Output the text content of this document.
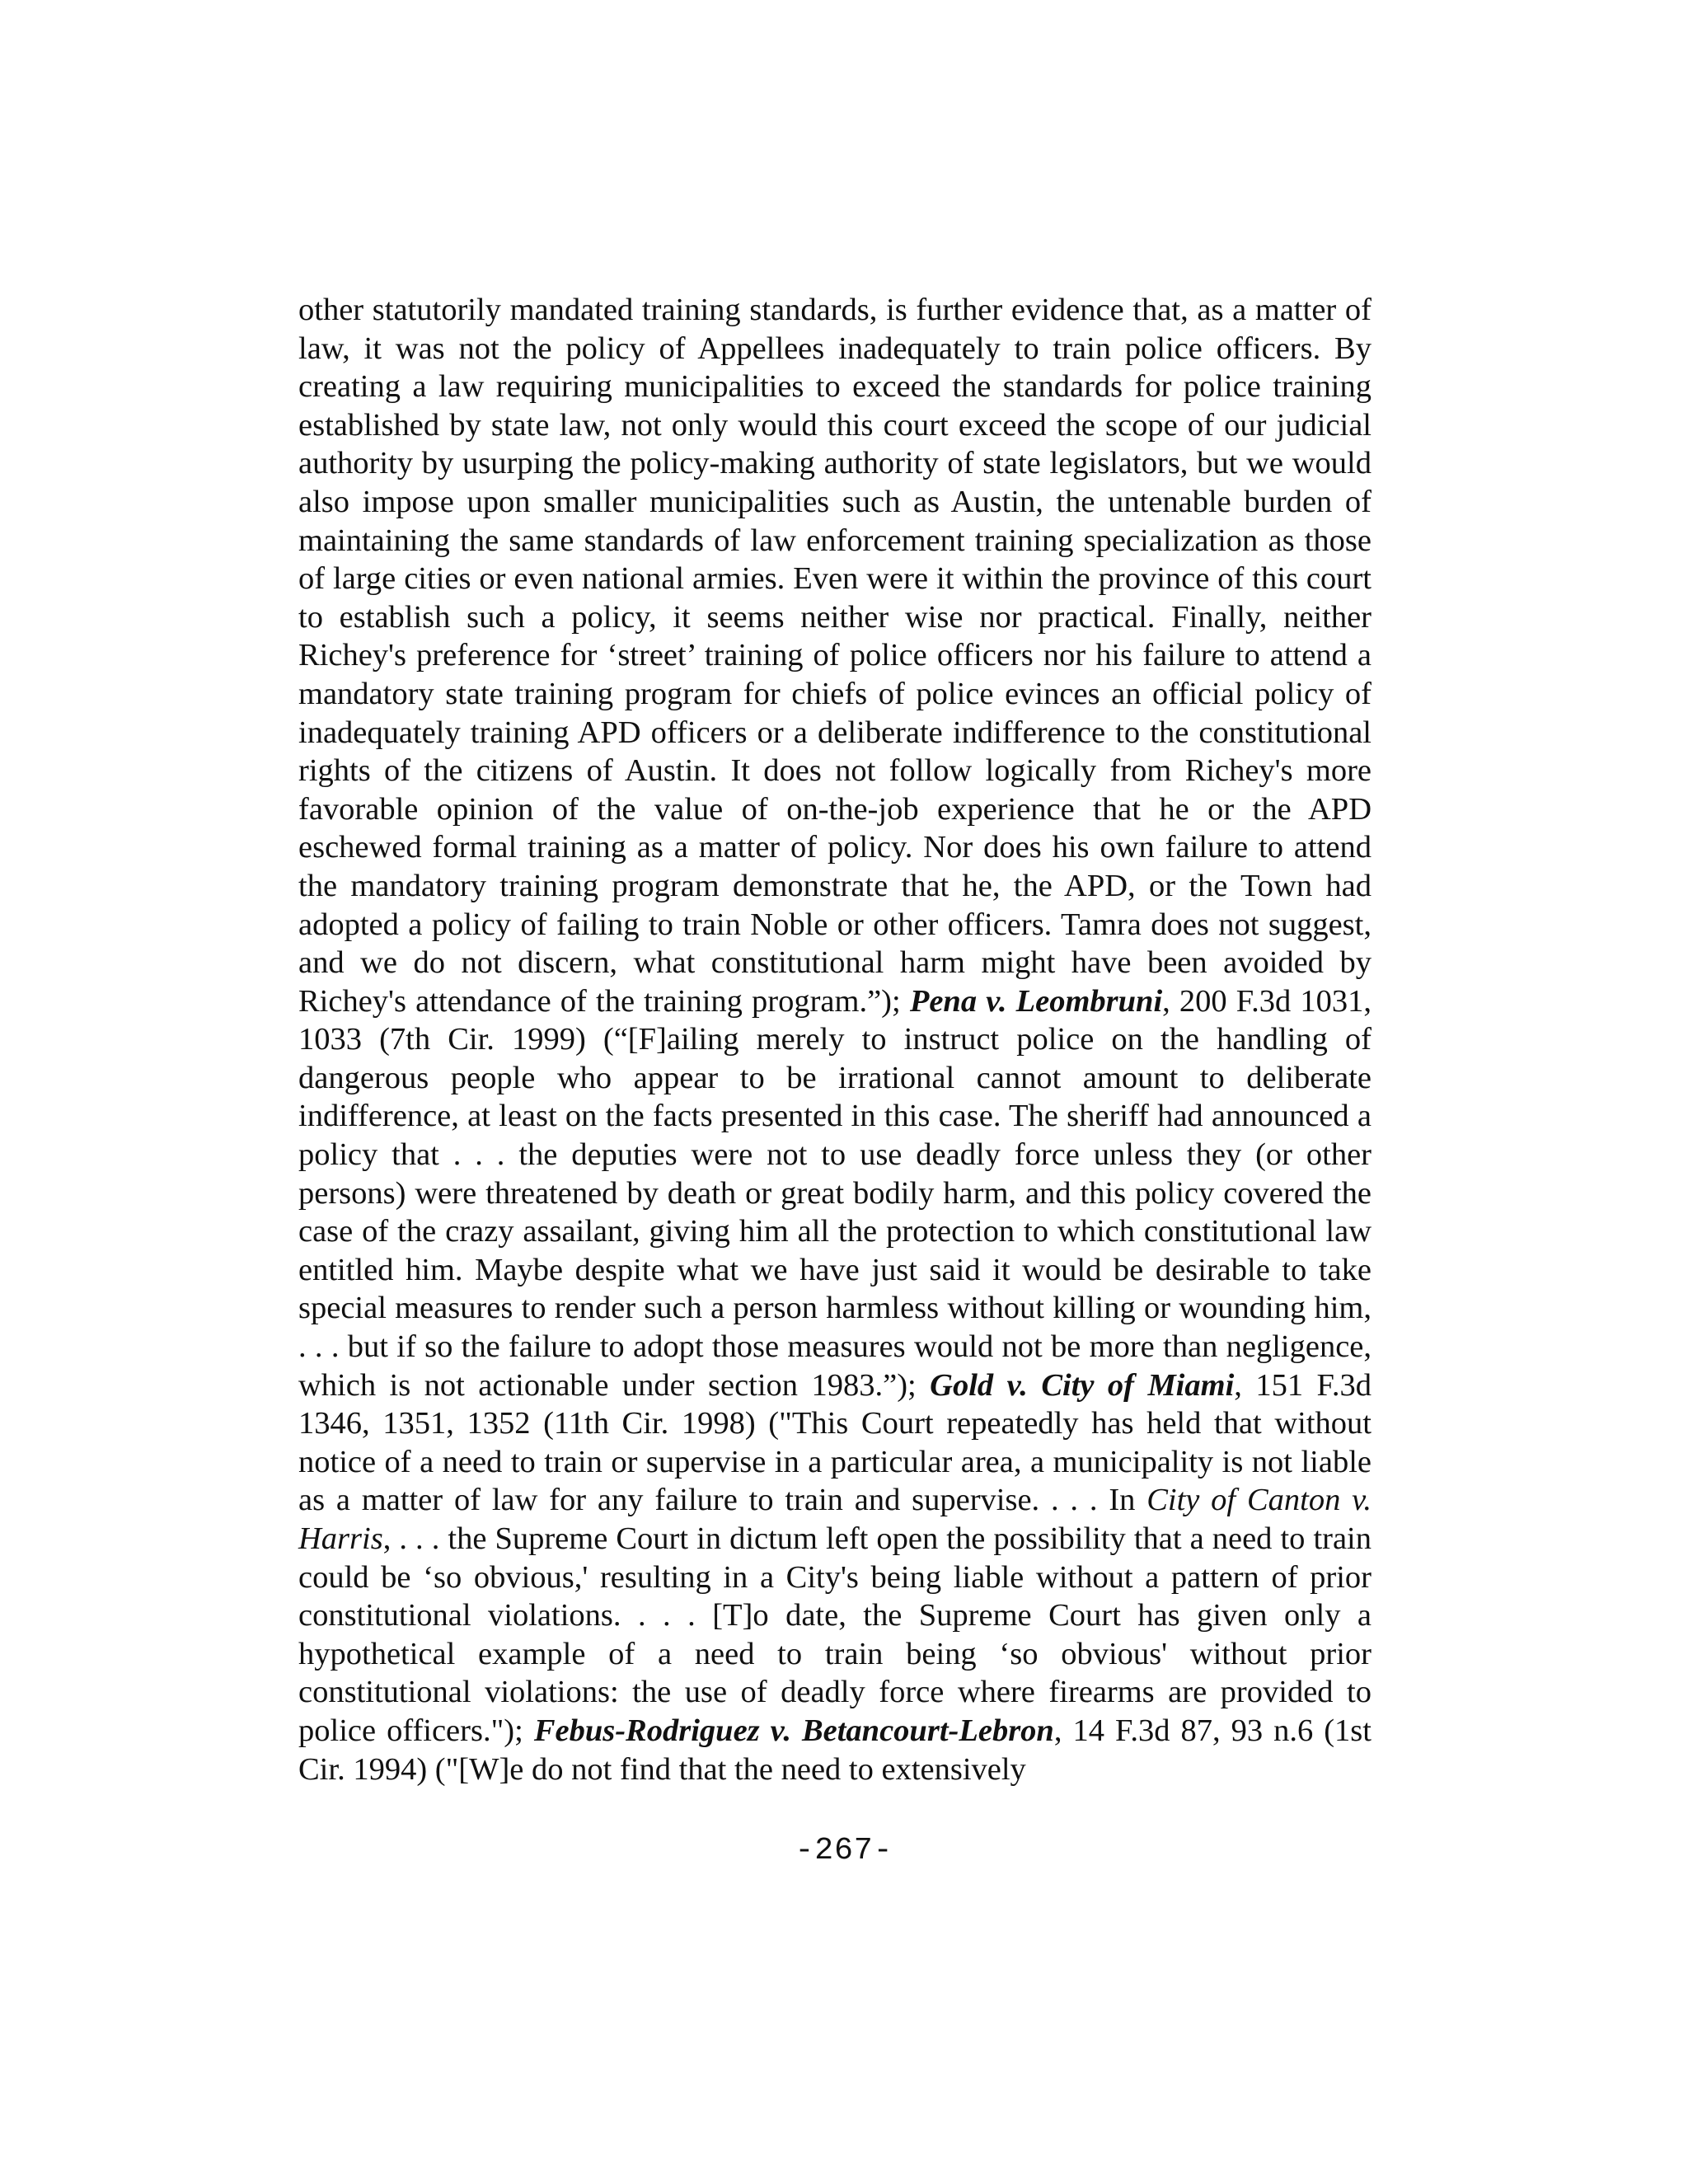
other statutorily mandated training standards, is further evidence that, as a matter of law, it was not the policy of Appellees inadequately to train police officers. By creating a law requiring municipalities to exceed the standards for police training established by state law, not only would this court exceed the scope of our judicial authority by usurping the policy-making authority of state legislators, but we would also impose upon smaller municipalities such as Austin, the untenable burden of maintaining the same standards of law enforcement training specialization as those of large cities or even national armies. Even were it within the province of this court to establish such a policy, it seems neither wise nor practical. Finally, neither Richey's preference for ‘street’ training of police officers nor his failure to attend a mandatory state training program for chiefs of police evinces an official policy of inadequately training APD officers or a deliberate indifference to the constitutional rights of the citizens of Austin. It does not follow logically from Richey's more favorable opinion of the value of on-the-job experience that he or the APD eschewed formal training as a matter of policy. Nor does his own failure to attend the mandatory training program demonstrate that he, the APD, or the Town had adopted a policy of failing to train Noble or other officers. Tamra does not suggest, and we do not discern, what constitutional harm might have been avoided by Richey's attendance of the training program.”); Pena v. Leombruni, 200 F.3d 1031, 1033 (7th Cir. 1999) (“[F]ailing merely to instruct police on the handling of dangerous people who appear to be irrational cannot amount to deliberate indifference, at least on the facts presented in this case. The sheriff had announced a policy that . . . the deputies were not to use deadly force unless they (or other persons) were threatened by death or great bodily harm, and this policy covered the case of the crazy assailant, giving him all the protection to which constitutional law entitled him. Maybe despite what we have just said it would be desirable to take special measures to render such a person harmless without killing or wounding him, . . . but if so the failure to adopt those measures would not be more than negligence, which is not actionable under section 1983.”); Gold v. City of Miami, 151 F.3d 1346, 1351, 1352 (11th Cir. 1998) ("This Court repeatedly has held that without notice of a need to train or supervise in a particular area, a municipality is not liable as a matter of law for any failure to train and supervise. . . . In City of Canton v. Harris, . . . the Supreme Court in dictum left open the possibility that a need to train could be ‘so obvious,' resulting in a City's being liable without a pattern of prior constitutional violations. . . . [T]o date, the Supreme Court has given only a hypothetical example of a need to train being ‘so obvious' without prior constitutional violations: the use of deadly force where firearms are provided to police officers."); Febus-Rodriguez v. Betancourt-Lebron, 14 F.3d 87, 93 n.6 (1st Cir. 1994) ("[W]e do not find that the need to extensively

-267-
